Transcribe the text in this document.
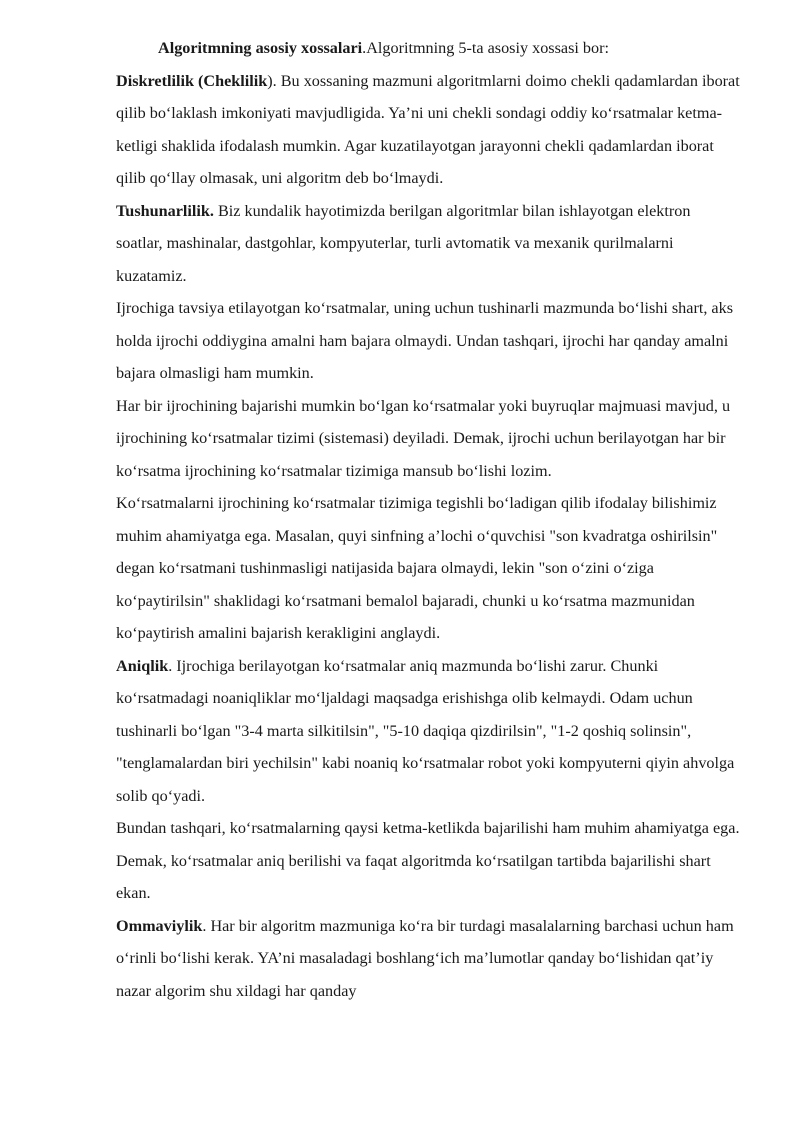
Algoritmning asosiy xossalari.Algoritmning 5-ta asosiy xossasi bor:

Diskretlilik (Cheklilik). Bu xossaning mazmuni algoritmlarni doimo chekli qadamlardan iborat qilib bo‘laklash imkoniyati mavjudligida. Ya’ni uni chekli sondagi oddiy ko‘rsatmalar ketma-ketligi shaklida ifodalash mumkin. Agar kuzatilayotgan jarayonni chekli qadamlardan iborat qilib qo‘llay olmasak, uni algoritm deb bo‘lmaydi.

Tushunarlilik. Biz kundalik hayotimizda berilgan algoritmlar bilan ishlayotgan elektron soatlar, mashinalar, dastgohlar, kompyuterlar, turli avtomatik va mexanik qurilmalarni kuzatamiz.

Ijrochiga tavsiya etilayotgan ko‘rsatmalar, uning uchun tushinarli mazmunda bo‘lishi shart, aks holda ijrochi oddiygina amalni ham bajara olmaydi. Undan tashqari, ijrochi har qanday amalni bajara olmasligi ham mumkin.

Har bir ijrochining bajarishi mumkin bo‘lgan ko‘rsatmalar yoki buyruqlar majmuasi mavjud, u ijrochining ko‘rsatmalar tizimi (sistemasi) deyiladi. Demak, ijrochi uchun berilayotgan har bir ko‘rsatma ijrochining ko‘rsatmalar tizimiga mansub bo‘lishi lozim.

Ko‘rsatmalarni ijrochining ko‘rsatmalar tizimiga tegishli bo‘ladigan qilib ifodalay bilishimiz muhim ahamiyatga ega. Masalan, quyi sinfning a’lochi o‘quvchisi "son kvadratga oshirilsin" degan ko‘rsatmani tushinmasligi natijasida bajara olmaydi, lekin "son o‘zini o‘ziga ko‘paytirilsin" shaklidagi ko‘rsatmani bemalol bajaradi, chunki u ko‘rsatma mazmunidan ko‘paytirish amalini bajarish kerakligini anglaydi.

Aniqlik. Ijrochiga berilayotgan ko‘rsatmalar aniq mazmunda bo‘lishi zarur. Chunki ko‘rsatmadagi noaniqliklar mo‘ljaldagi maqsadga erishishga olib kelmaydi. Odam uchun tushinarli bo‘lgan "3-4 marta silkitilsin", "5-10 daqiqa qizdirilsin", "1-2 qoshiq solinsin", "tenglamalardan biri yechilsin" kabi noaniq ko‘rsatmalar robot yoki kompyuterni qiyin ahvolga solib qo‘yadi.

Bundan tashqari, ko‘rsatmalarning qaysi ketma-ketlikda bajarilishi ham muhim ahamiyatga ega. Demak, ko‘rsatmalar aniq berilishi va faqat algoritmda ko‘rsatilgan tartibda bajarilishi shart ekan.

Ommaviylik. Har bir algoritm mazmuniga ko‘ra bir turdagi masalalarning barchasi uchun ham o‘rinli bo‘lishi kerak. YA’ni masaladagi boshlang‘ich ma’lumotlar qanday bo‘lishidan qat’iy nazar algorim shu xildagi har qanday
